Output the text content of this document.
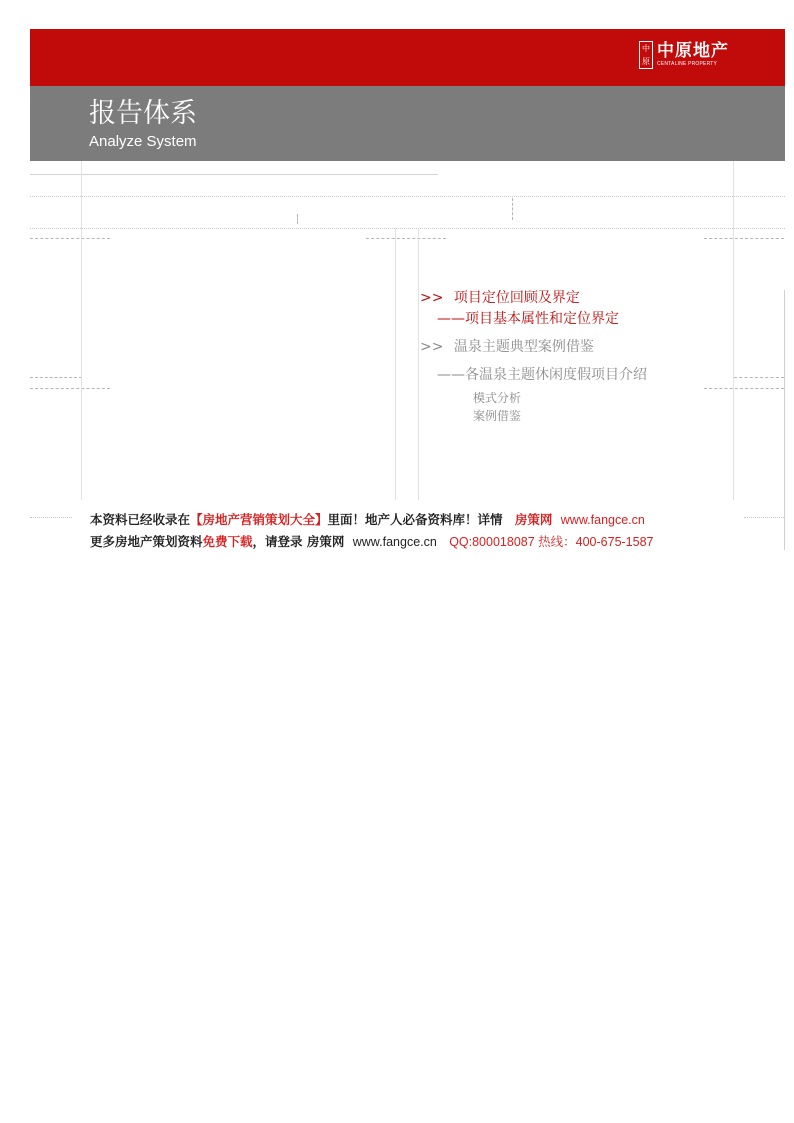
中
原
中原地产
CENTALINE PROPERTY
报告体系
Analyze System
>> 项目定位回顾及界定
——项目基本属性和定位界定
>> 温泉主题典型案例借鉴
——各温泉主题休闲度假项目介绍
模式分析
案例借鉴
本资料已经收录在【房地产营销策划大全】里面！地产人必备资料库！详情 房策网 www.fangce.cn
更多房地产策划资料免费下载，请登录 房策网 www.fangce.cn QQ:800018087 热线：400-675-1587
